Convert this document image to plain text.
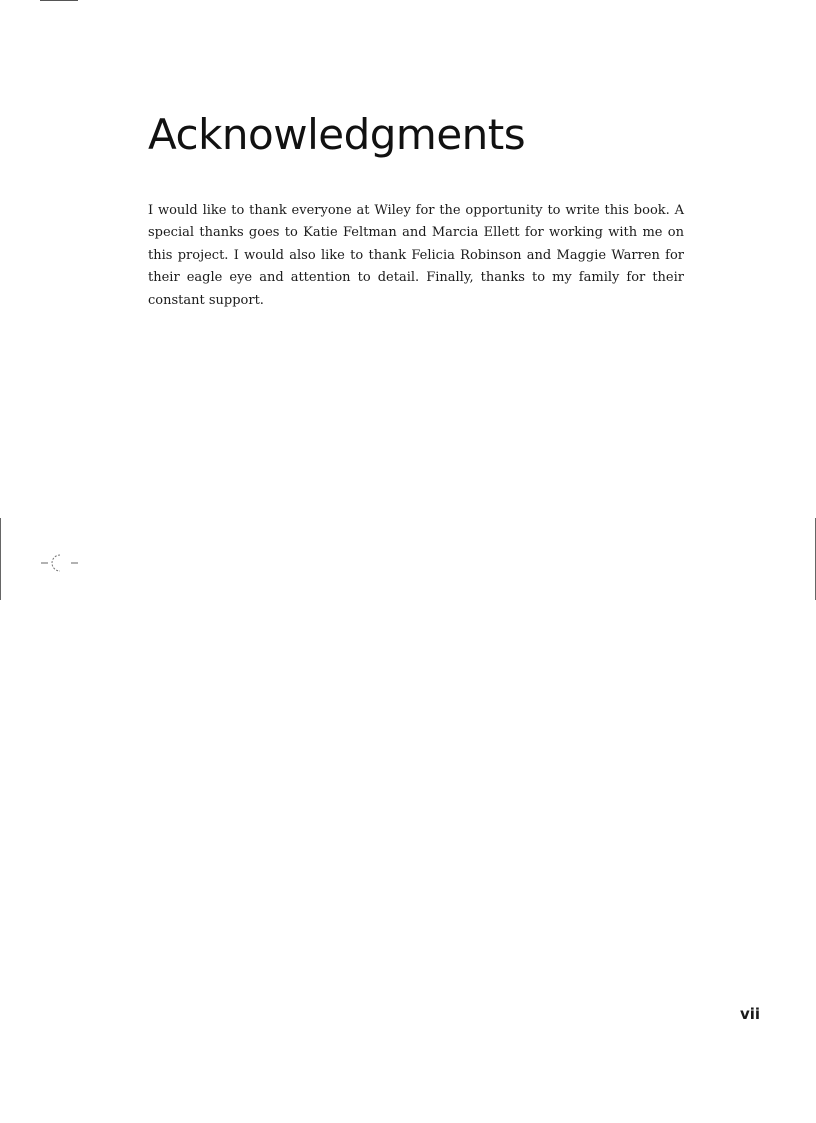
Acknowledgments

I would like to thank everyone at Wiley for the opportunity to write this book. A special thanks goes to Katie Feltman and Marcia Ellett for working with me on this project. I would also like to thank Felicia Robinson and Maggie Warren for their eagle eye and attention to detail. Finally, thanks to my family for their constant support.

vii
